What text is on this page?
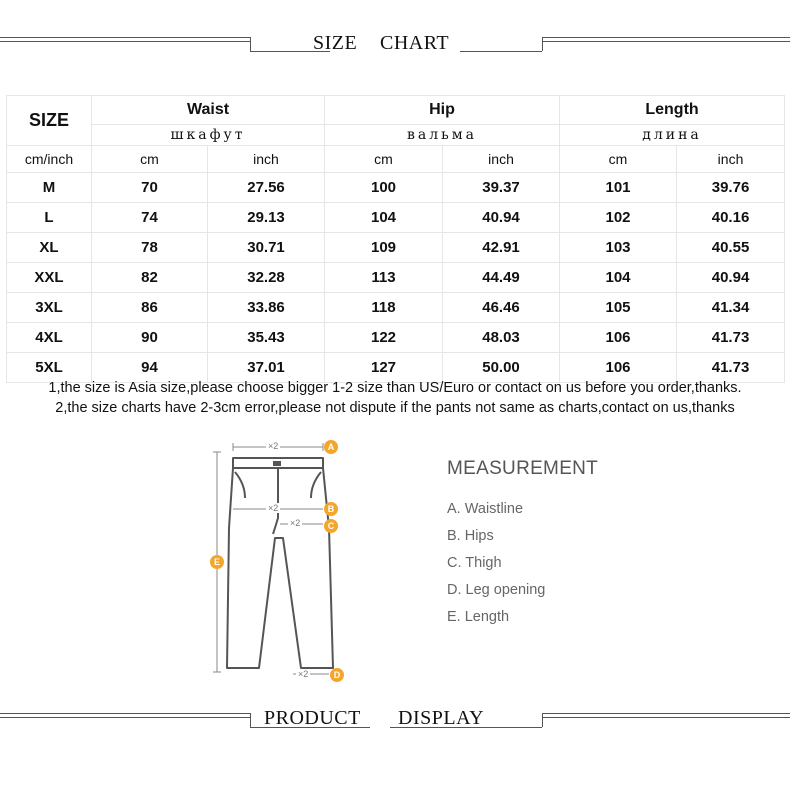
SIZE CHART
SIZE	Waist		Hip		Length	
	шкафут		вальма		длина	
cm/inch	cm	inch	cm	inch	cm	inch
M	70	27.56	100	39.37	101	39.76
L	74	29.13	104	40.94	102	40.16
XL	78	30.71	109	42.91	103	40.55
XXL	82	32.28	113	44.49	104	40.94
3XL	86	33.86	118	46.46	105	41.34
4XL	90	35.43	122	48.03	106	41.73
5XL	94	37.01	127	50.00	106	41.73
1,the size is Asia size,please choose bigger 1-2 size than US/Euro or contact on us before you order,thanks.
2,the size charts have 2-3cm error,please not dispute if the pants not same as charts,contact on us,thanks
A
B
C
D
E
×2
×2
×2
×2
MEASUREMENT
A. Waistline
B. Hips
C. Thigh
D. Leg opening
E. Length
PRODUCT DISPLAY
